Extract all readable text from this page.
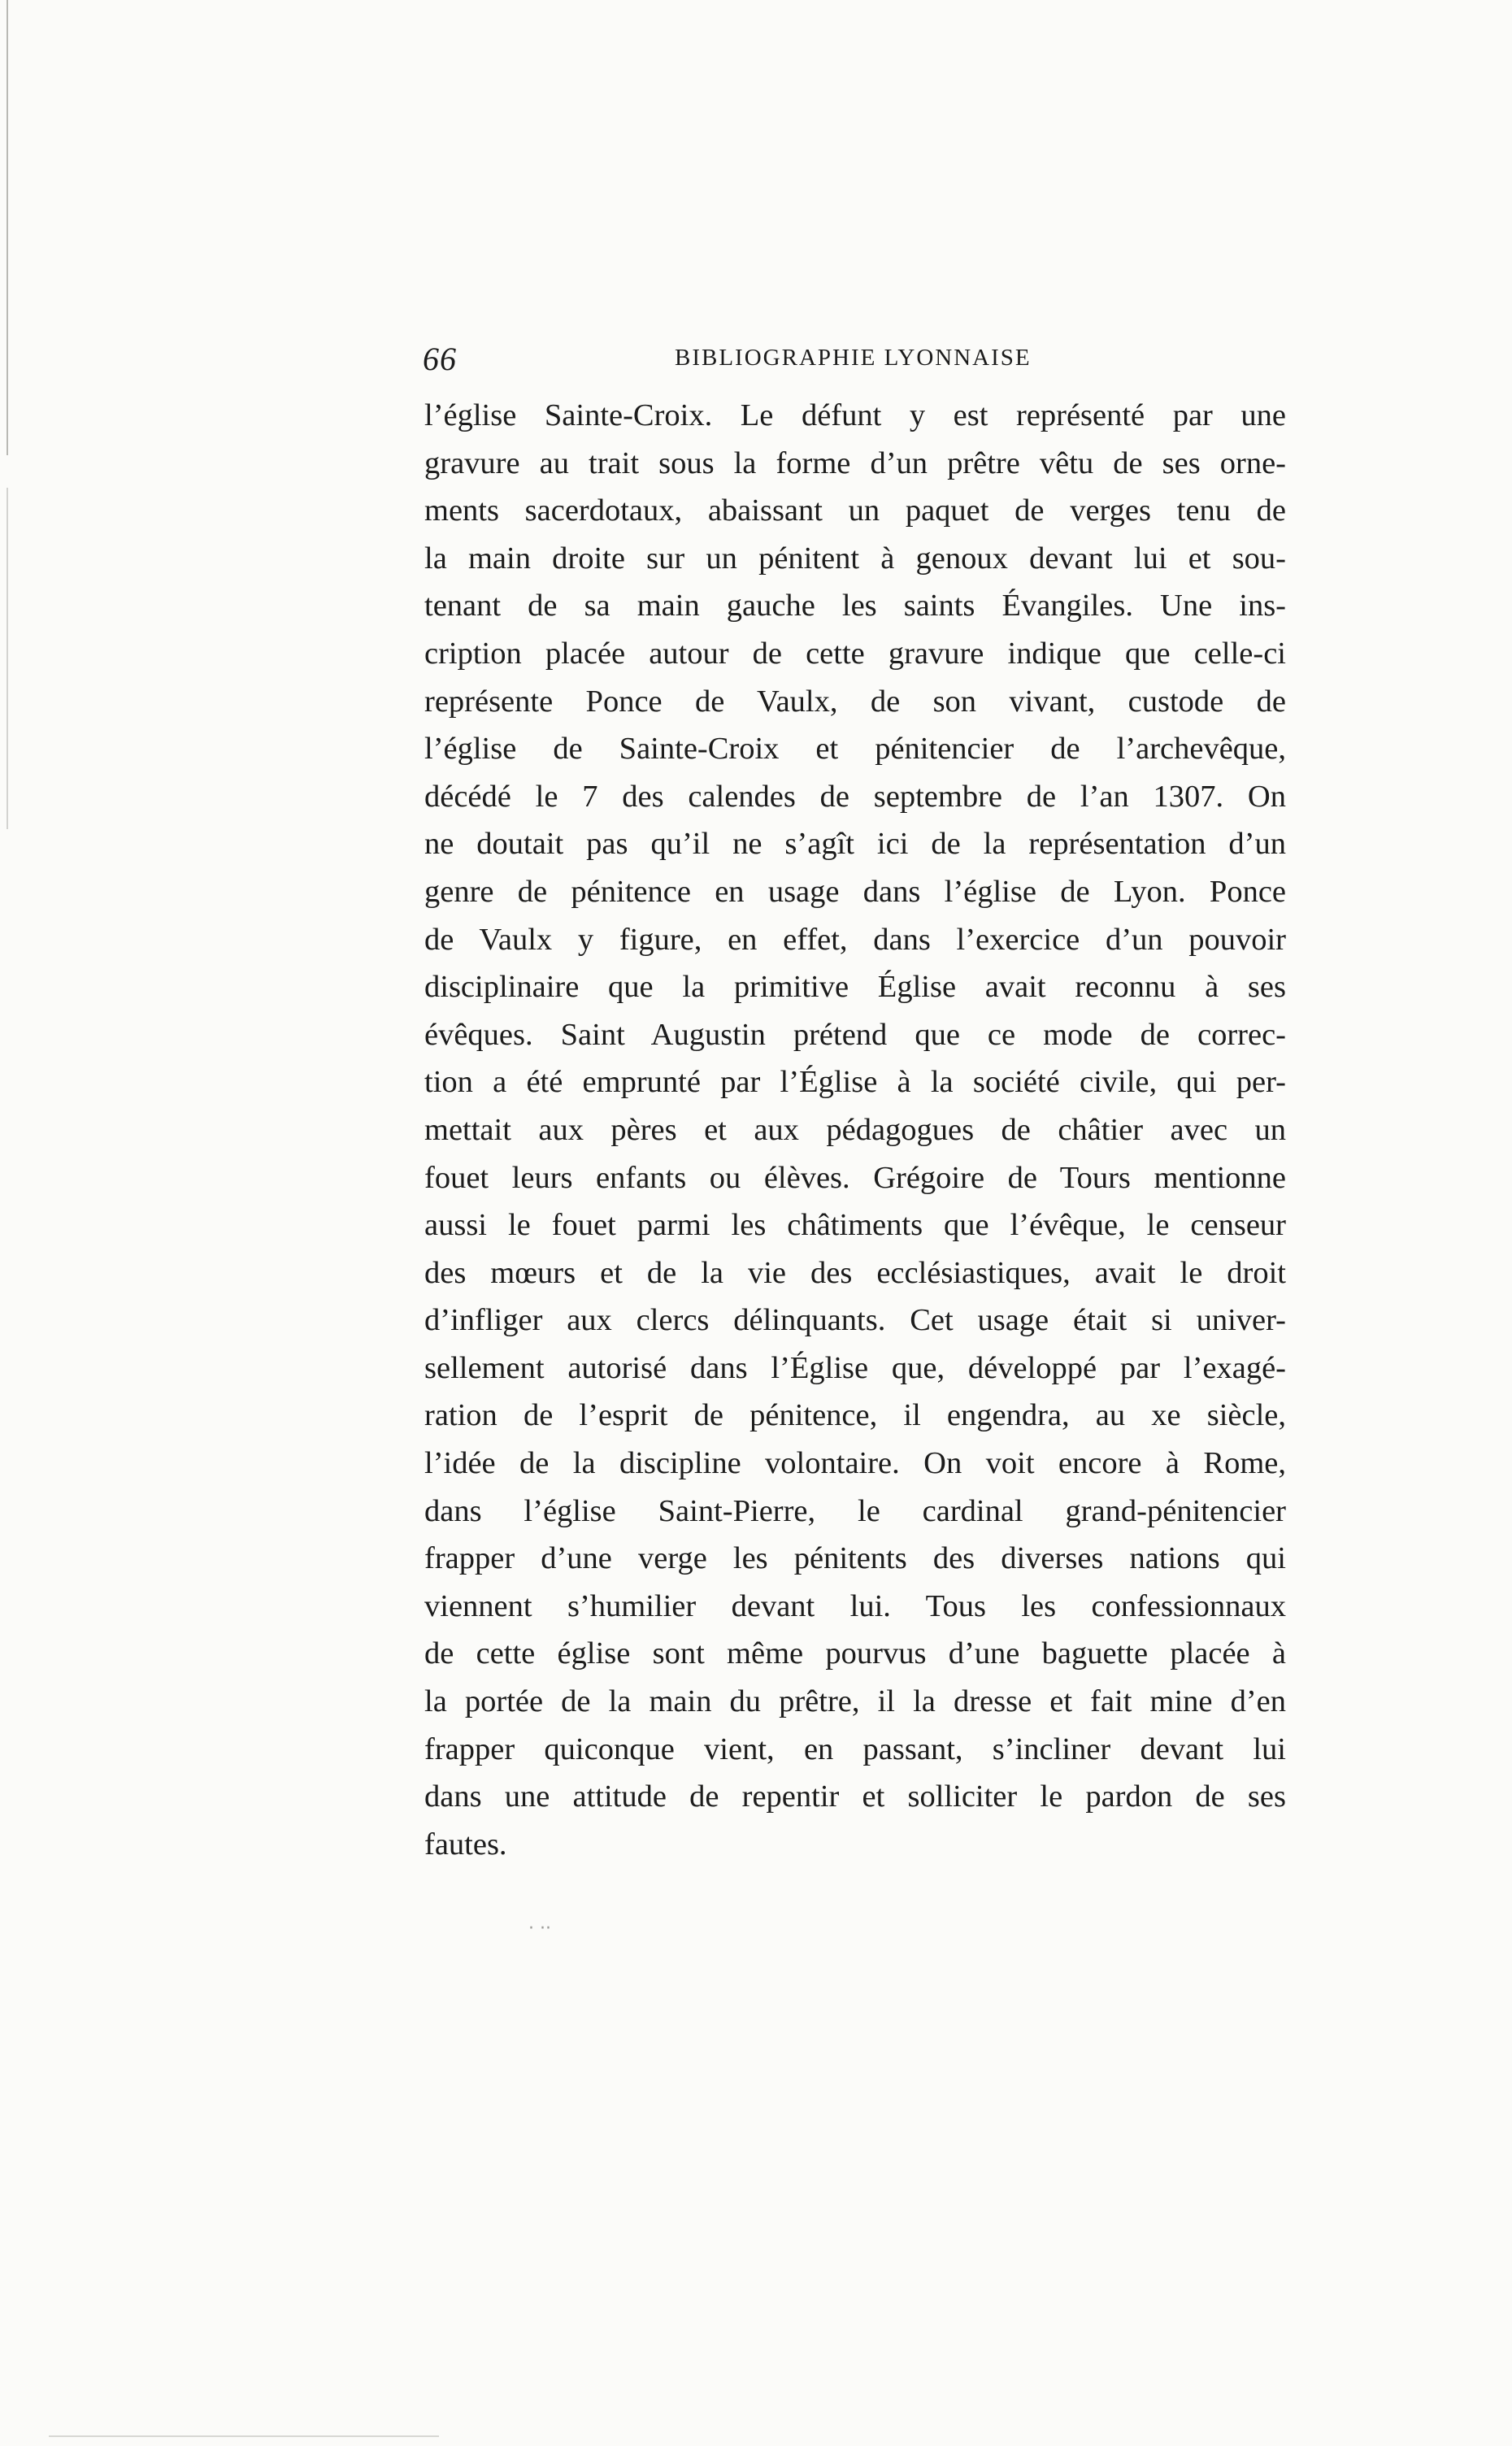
66	BIBLIOGRAPHIE LYONNAISE
l’église Sainte-Croix. Le défunt y est représenté par une
gravure au trait sous la forme d’un prêtre vêtu de ses orne-
ments sacerdotaux, abaissant un paquet de verges tenu de
la main droite sur un pénitent à genoux devant lui et sou-
tenant de sa main gauche les saints Évangiles. Une ins-
cription placée autour de cette gravure indique que celle-ci
représente Ponce de Vaulx, de son vivant, custode de
l’église de Sainte-Croix et pénitencier de l’archevêque,
décédé le 7 des calendes de septembre de l’an 1307. On
ne doutait pas qu’il ne s’agît ici de la représentation d’un
genre de pénitence en usage dans l’église de Lyon. Ponce
de Vaulx y figure, en effet, dans l’exercice d’un pouvoir
disciplinaire que la primitive Église avait reconnu à ses
évêques. Saint Augustin prétend que ce mode de correc-
tion a été emprunté par l’Église à la société civile, qui per-
mettait aux pères et aux pédagogues de châtier avec un
fouet leurs enfants ou élèves. Grégoire de Tours mentionne
aussi le fouet parmi les châtiments que l’évêque, le censeur
des mœurs et de la vie des ecclésiastiques, avait le droit
d’infliger aux clercs délinquants. Cet usage était si univer-
sellement autorisé dans l’Église que, développé par l’exagé-
ration de l’esprit de pénitence, il engendra, au xe siècle,
l’idée de la discipline volontaire. On voit encore à Rome,
dans l’église Saint-Pierre, le cardinal grand-pénitencier
frapper d’une verge les pénitents des diverses nations qui
viennent s’humilier devant lui. Tous les confessionnaux
de cette église sont même pourvus d’une baguette placée à
la portée de la main du prêtre, il la dresse et fait mine d’en
frapper quiconque vient, en passant, s’incliner devant lui
dans une attitude de repentir et solliciter le pardon de ses
fautes.
· ··
